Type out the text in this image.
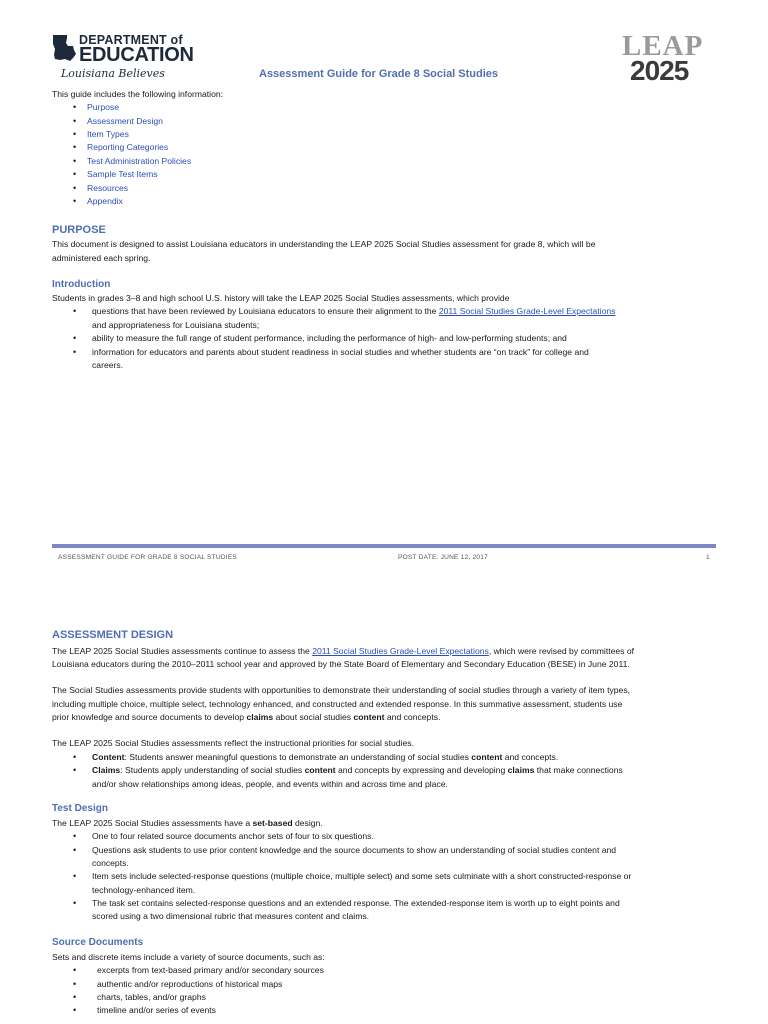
DEPARTMENT of
EDUCATION
Louisiana Believes	Assessment Guide for Grade 8 Social Studies
LEAP
2025
This guide includes the following information:
• Purpose
• Assessment Design
• Item Types
• Reporting Categories
• Test Administration Policies
• Sample Test Items
• Resources
• Appendix
PURPOSE
This document is designed to assist Louisiana educators in understanding the LEAP 2025 Social Studies assessment for grade 8, which will be
administered each spring.
Introduction
Students in grades 3–8 and high school U.S. history will take the LEAP 2025 Social Studies assessments, which provide
• questions that have been reviewed by Louisiana educators to ensure their alignment to the 2011 Social Studies Grade-Level Expectations
and appropriateness for Louisiana students;
• ability to measure the full range of student performance, including the performance of high- and low-performing students; and
• information for educators and parents about student readiness in social studies and whether students are “on track” for college and
careers.
ASSESSMENT GUIDE FOR GRADE 8 SOCIAL STUDIES	POST DATE: JUNE 12, 2017	1
ASSESSMENT DESIGN
The LEAP 2025 Social Studies assessments continue to assess the 2011 Social Studies Grade-Level Expectations, which were revised by committees of
Louisiana educators during the 2010–2011 school year and approved by the State Board of Elementary and Secondary Education (BESE) in June 2011.
The Social Studies assessments provide students with opportunities to demonstrate their understanding of social studies through a variety of item types,
including multiple choice, multiple select, technology enhanced, and constructed and extended response. In this summative assessment, students use
prior knowledge and source documents to develop claims about social studies content and concepts.
The LEAP 2025 Social Studies assessments reflect the instructional priorities for social studies.
• Content: Students answer meaningful questions to demonstrate an understanding of social studies content and concepts.
• Claims: Students apply understanding of social studies content and concepts by expressing and developing claims that make connections
and/or show relationships among ideas, people, and events within and across time and place.
Test Design
The LEAP 2025 Social Studies assessments have a set-based design.
• One to four related source documents anchor sets of four to six questions.
• Questions ask students to use prior content knowledge and the source documents to show an understanding of social studies content and
concepts.
• Item sets include selected-response questions (multiple choice, multiple select) and some sets culminate with a short constructed-response or
technology-enhanced item.
• The task set contains selected-response questions and an extended response. The extended-response item is worth up to eight points and
scored using a two dimensional rubric that measures content and claims.
Source Documents
Sets and discrete items include a variety of source documents, such as:
• excerpts from text-based primary and/or secondary sources
• authentic and/or reproductions of historical maps
• charts, tables, and/or graphs
• timeline and/or series of events
